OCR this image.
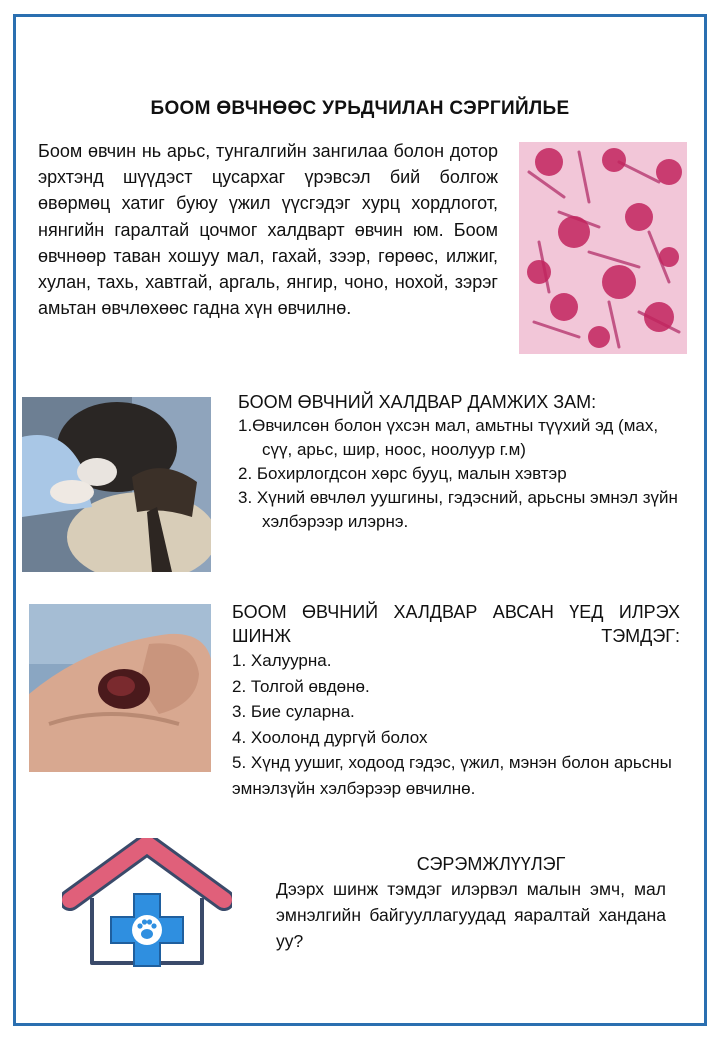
БООМ ӨВЧНӨӨС УРЬДЧИЛАН СЭРГИЙЛЬЕ
Боом өвчин нь арьс, тунгалгийн зангилаа болон дотор эрхтэнд шүүдэст цусархаг үрэвсэл бий болгож өвөрмөц хатиг буюу үжил үүсгэдэг хурц хордлогот, нянгийн гаралтай цочмог халдварт өвчин юм. Боом өвчнөөр таван хошуу мал, гахай, зээр, гөрөөс, илжиг, хулан, тахь, хавтгай, аргаль, янгир, чоно, нохой, зэрэг амьтан өвчлөхөөс гадна хүн өвчилнө.
БООМ ӨВЧНИЙ ХАЛДВАР ДАМЖИХ ЗАМ:
1.Өвчилсөн болон үхсэн мал, амьтны түүхий эд (мах, сүү, арьс, шир, ноос, ноолуур г.м)
2. Бохирлогдсон хөрс бууц, малын хэвтэр
3. Хүний өвчлөл уушгины, гэдэсний, арьсны эмнэл зүйн хэлбэрээр илэрнэ.
БООМ ӨВЧНИЙ ХАЛДВАР АВСАН ҮЕД ИЛРЭХ ШИНЖ ТЭМДЭГ:
1. Халуурна.
2. Толгой өвдөнө.
3. Бие суларна.
4. Хоолонд дургүй болох
5. Хүнд уушиг, ходоод гэдэс, үжил, мэнэн болон арьсны эмнэлзүйн хэлбэрээр өвчилнө.
СЭРЭМЖЛҮҮЛЭГ
Дээрх шинж тэмдэг илэрвэл малын эмч, мал эмнэлгийн байгууллагуудад яаралтай хандана уу?
